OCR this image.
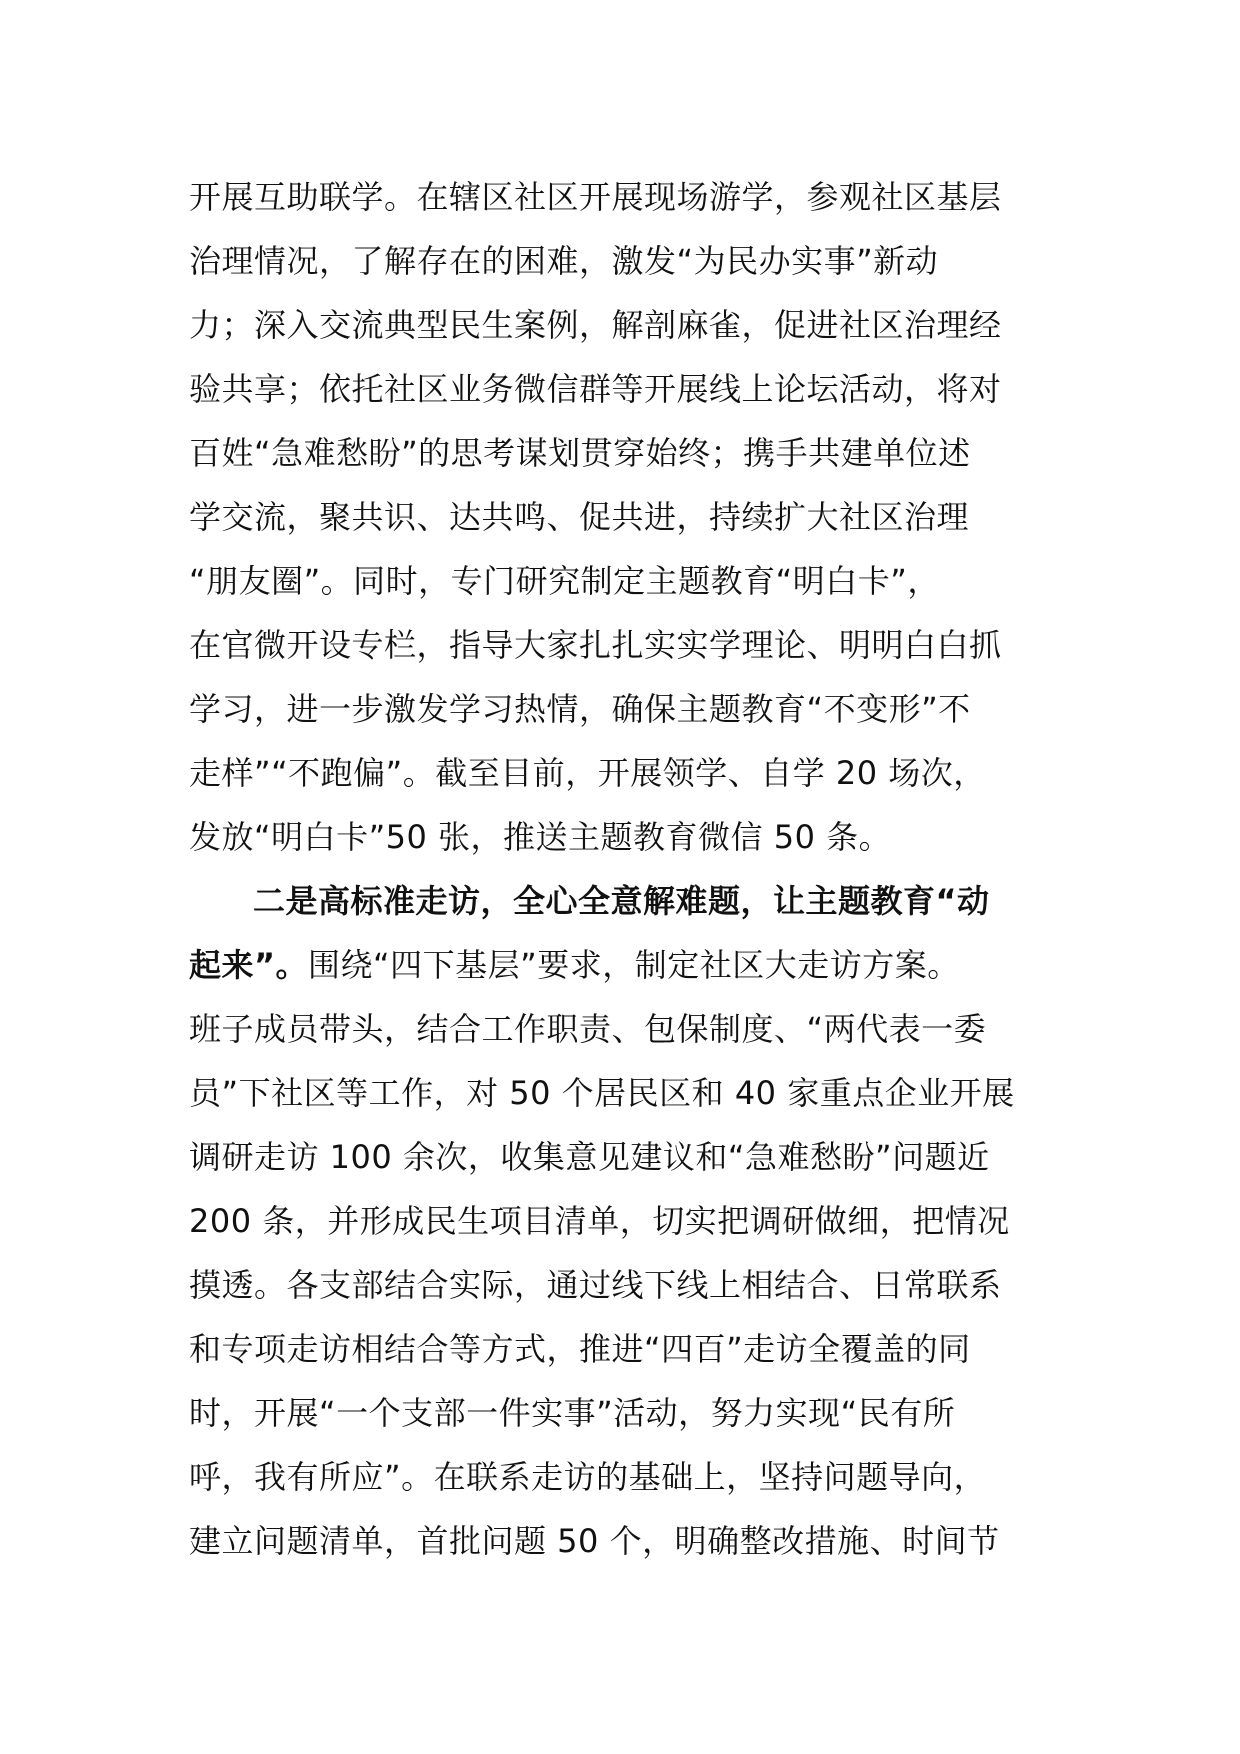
开展互助联学。在辖区社区开展现场游学，参观社区基层
治理情况，了解存在的困难，激发“为民办实事”新动
力；深入交流典型民生案例，解剖麻雀，促进社区治理经
验共享；依托社区业务微信群等开展线上论坛活动，将对
百姓“急难愁盼”的思考谋划贯穿始终；携手共建单位述
学交流，聚共识、达共鸣、促共进，持续扩大社区治理
“朋友圈”。同时，专门研究制定主题教育“明白卡”，
在官微开设专栏，指导大家扎扎实实学理论、明明白白抓
学习，进一步激发学习热情，确保主题教育“不变形”不
走样”“不跑偏”。截至目前，开展领学、自学 20 场次，
发放“明白卡”50 张，推送主题教育微信 50 条。
二是高标准走访，全心全意解难题，让主题教育“动
起来”。围绕“四下基层”要求，制定社区大走访方案。
班子成员带头，结合工作职责、包保制度、“两代表一委
员”下社区等工作，对 50 个居民区和 40 家重点企业开展
调研走访 100 余次，收集意见建议和“急难愁盼”问题近
200 条，并形成民生项目清单，切实把调研做细，把情况
摸透。各支部结合实际，通过线下线上相结合、日常联系
和专项走访相结合等方式，推进“四百”走访全覆盖的同
时，开展“一个支部一件实事”活动，努力实现“民有所
呼，我有所应”。在联系走访的基础上，坚持问题导向，
建立问题清单，首批问题 50 个，明确整改措施、时间节
